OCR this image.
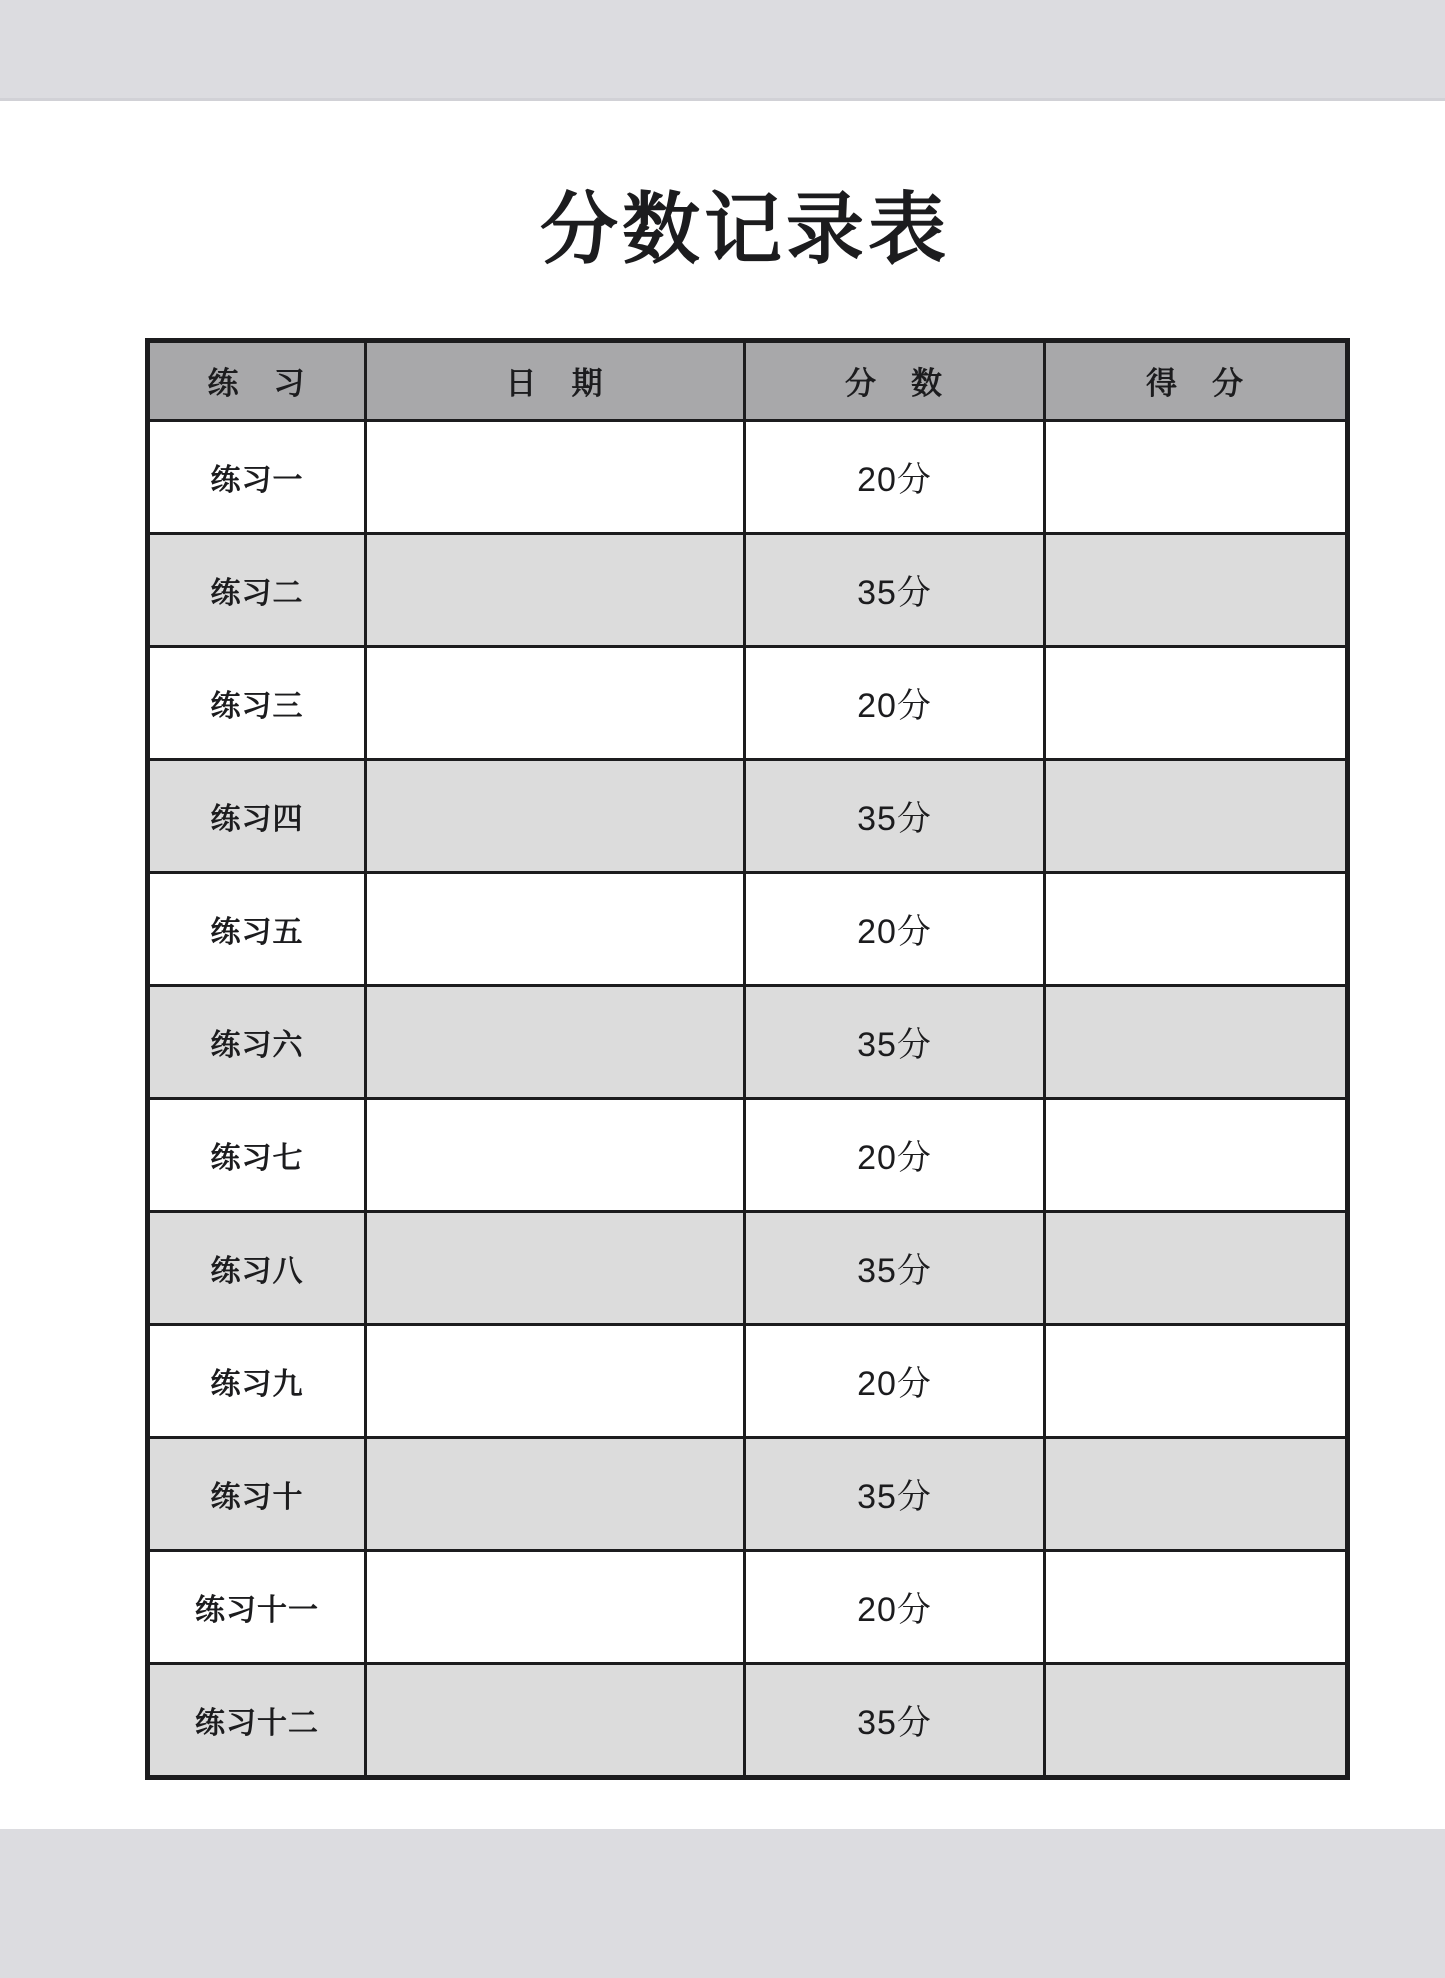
分数记录表
练　习	日　期	分　数	得　分
练习一		20分	
练习二		35分	
练习三		20分	
练习四		35分	
练习五		20分	
练习六		35分	
练习七		20分	
练习八		35分	
练习九		20分	
练习十		35分	
练习十一		20分	
练习十二		35分	
